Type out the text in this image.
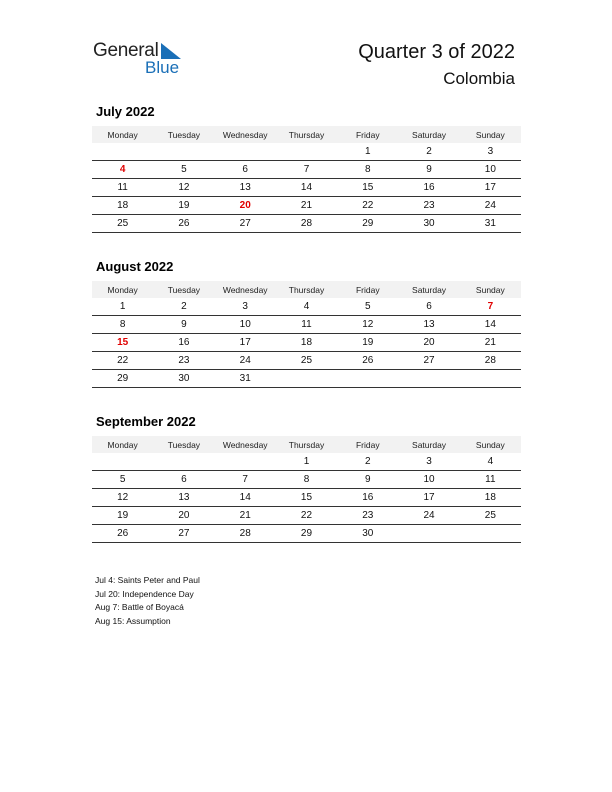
General
Blue
Quarter 3 of 2022
Colombia
July 2022
Monday	Tuesday	Wednesday	Thursday	Friday	Saturday	Sunday
				1	2	3
4	5	6	7	8	9	10
11	12	13	14	15	16	17
18	19	20	21	22	23	24
25	26	27	28	29	30	31
August 2022
Monday	Tuesday	Wednesday	Thursday	Friday	Saturday	Sunday
1	2	3	4	5	6	7
8	9	10	11	12	13	14
15	16	17	18	19	20	21
22	23	24	25	26	27	28
29	30	31				
September 2022
Monday	Tuesday	Wednesday	Thursday	Friday	Saturday	Sunday
			1	2	3	4
5	6	7	8	9	10	11
12	13	14	15	16	17	18
19	20	21	22	23	24	25
26	27	28	29	30		
Jul 4: Saints Peter and Paul
Jul 20: Independence Day
Aug 7: Battle of Boyacá
Aug 15: Assumption
